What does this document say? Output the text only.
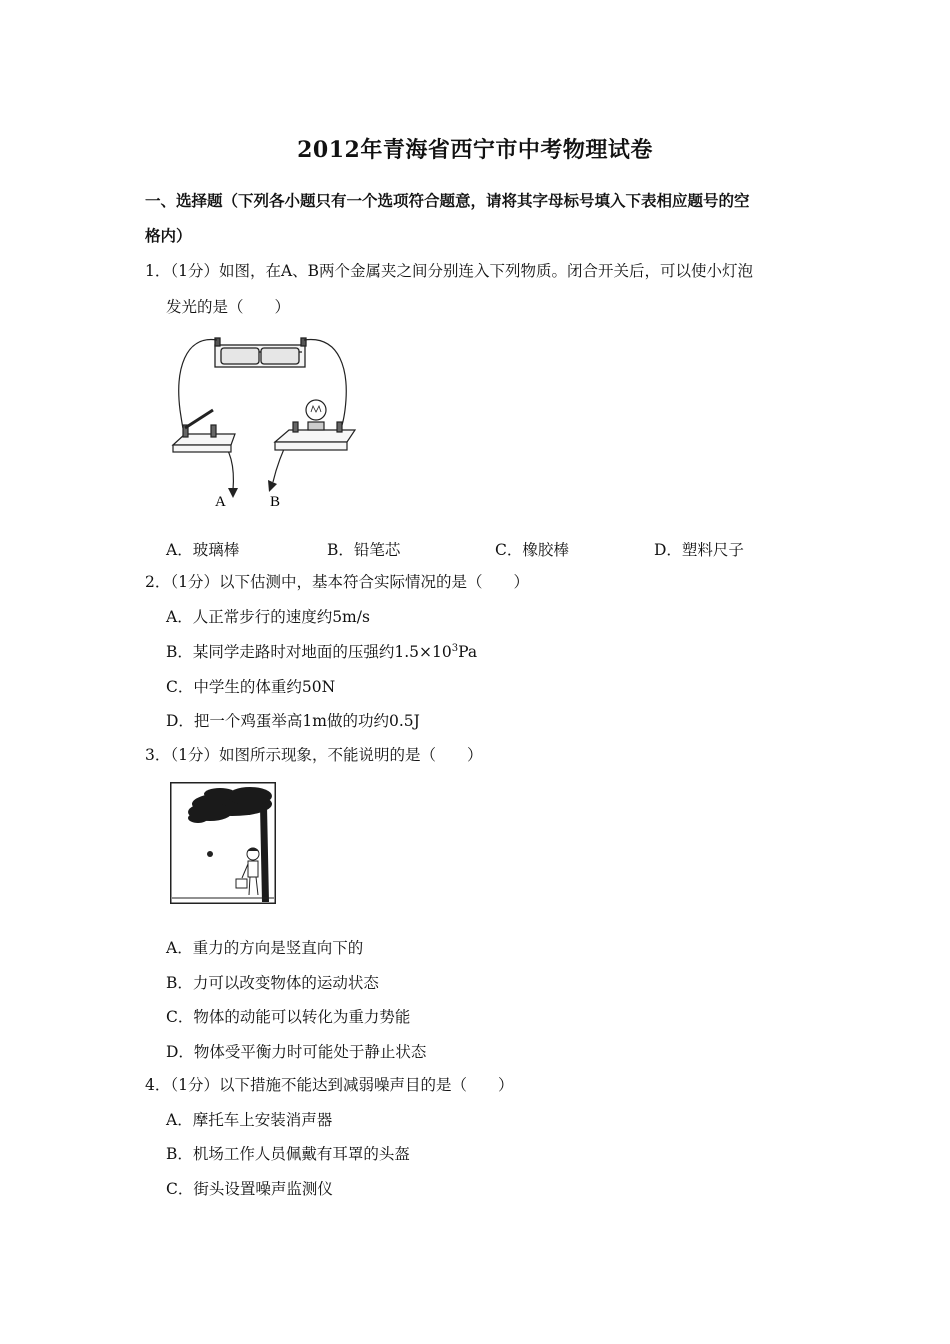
2012年青海省西宁市中考物理试卷
一、选择题（下列各小题只有一个选项符合题意，请将其字母标号填入下表相应题号的空
格内）
1．（1分）如图，在A、B两个金属夹之间分别连入下列物质。闭合开关后，可以使小灯泡
发光的是（　　）
A	B
A．玻璃棒	B．铅笔芯	C．橡胶棒	D．塑料尺子
2．（1分）以下估测中，基本符合实际情况的是（　　）
A．人正常步行的速度约5m/s
B．某同学走路时对地面的压强约$1.5\times 10^3Pa$
C．中学生的体重约50N
D．把一个鸡蛋举高1m做的功约0.5J
3．（1分）如图所示现象，不能说明的是（　　）
A．重力的方向是竖直向下的
B．力可以改变物体的运动状态
C．物体的动能可以转化为重力势能
D．物体受平衡力时可能处于静止状态
4．（1分）以下措施不能达到减弱噪声目的是（　　）
A．摩托车上安装消声器
B．机场工作人员佩戴有耳罩的头盔
C．街头设置噪声监测仪
